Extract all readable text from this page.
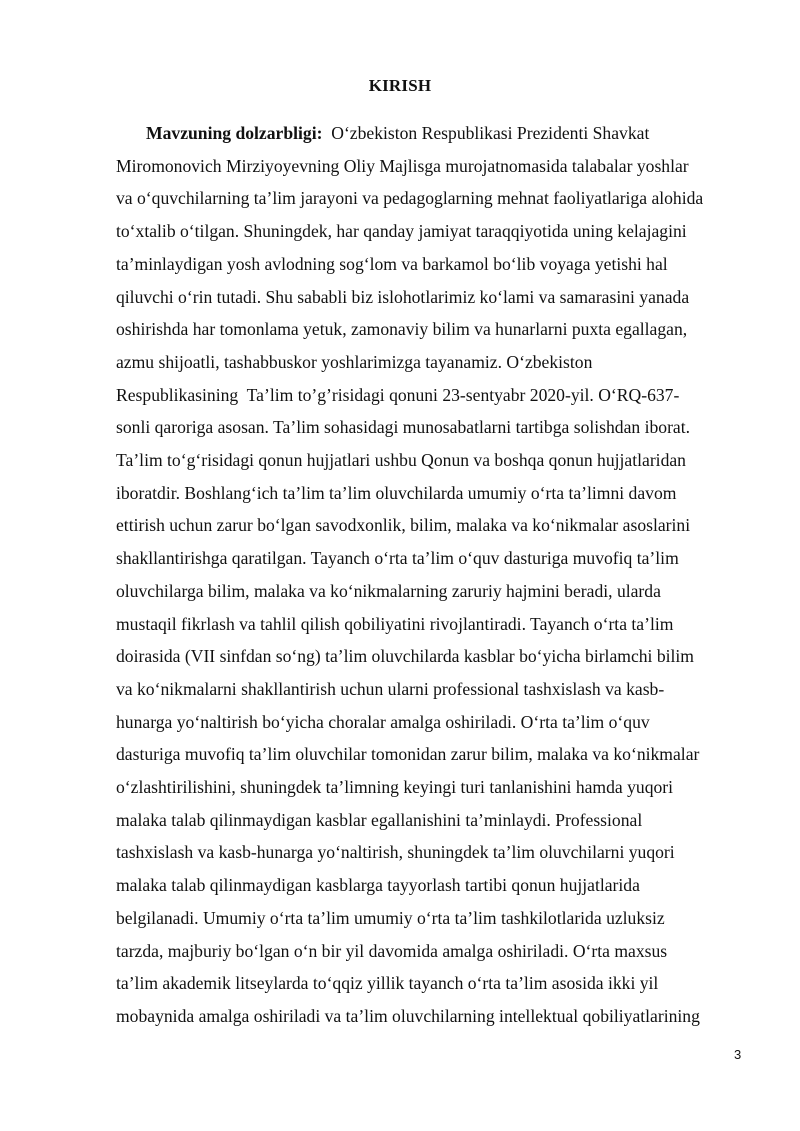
KIRISH
Mavzuning dolzarbligi:  O‘zbekiston Respublikasi Prezidenti Shavkat
Miromonovich Mirziyoyevning Oliy Majlisga murojatnomasida talabalar yoshlar
va o‘quvchilarning ta’lim jarayoni va pedagoglarning mehnat faoliyatlariga alohida
to‘xtalib o‘tilgan. Shuningdek, har qanday jamiyat taraqqiyotida uning kelajagini
ta’minlaydigan yosh avlodning sog‘lom va barkamol bo‘lib voyaga yetishi hal
qiluvchi o‘rin tutadi. Shu sababli biz islohotlarimiz ko‘lami va samarasini yanada
oshirishda har tomonlama yetuk, zamonaviy bilim va hunarlarni puxta egallagan,
azmu shijoatli, tashabbuskor yoshlarimizga tayanamiz. O‘zbekiston
Respublikasining  Ta’lim to’g’risidagi qonuni 23-sentyabr 2020-yil. O‘RQ-637-
sonli qaroriga asosan. Ta’lim sohasidagi munosabatlarni tartibga solishdan iborat.
Ta’lim to‘g‘risidagi qonun hujjatlari ushbu Qonun va boshqa qonun hujjatlaridan
iboratdir. Boshlang‘ich ta’lim ta’lim oluvchilarda umumiy o‘rta ta’limni davom
ettirish uchun zarur bo‘lgan savodxonlik, bilim, malaka va ko‘nikmalar asoslarini
shakllantirishga qaratilgan. Tayanch o‘rta ta’lim o‘quv dasturiga muvofiq ta’lim
oluvchilarga bilim, malaka va ko‘nikmalarning zaruriy hajmini beradi, ularda
mustaqil fikrlash va tahlil qilish qobiliyatini rivojlantiradi. Tayanch o‘rta ta’lim
doirasida (VII sinfdan so‘ng) ta’lim oluvchilarda kasblar bo‘yicha birlamchi bilim
va ko‘nikmalarni shakllantirish uchun ularni professional tashxislash va kasb-
hunarga yo‘naltirish bo‘yicha choralar amalga oshiriladi. O‘rta ta’lim o‘quv
dasturiga muvofiq ta’lim oluvchilar tomonidan zarur bilim, malaka va ko‘nikmalar
o‘zlashtirilishini, shuningdek ta’limning keyingi turi tanlanishini hamda yuqori
malaka talab qilinmaydigan kasblar egallanishini ta’minlaydi. Professional
tashxislash va kasb-hunarga yo‘naltirish, shuningdek ta’lim oluvchilarni yuqori
malaka talab qilinmaydigan kasblarga tayyorlash tartibi qonun hujjatlarida
belgilanadi. Umumiy o‘rta ta’lim umumiy o‘rta ta’lim tashkilotlarida uzluksiz
tarzda, majburiy bo‘lgan o‘n bir yil davomida amalga oshiriladi. O‘rta maxsus
ta’lim akademik litseylarda to‘qqiz yillik tayanch o‘rta ta’lim asosida ikki yil
mobaynida amalga oshiriladi va ta’lim oluvchilarning intellektual qobiliyatlarining
3
